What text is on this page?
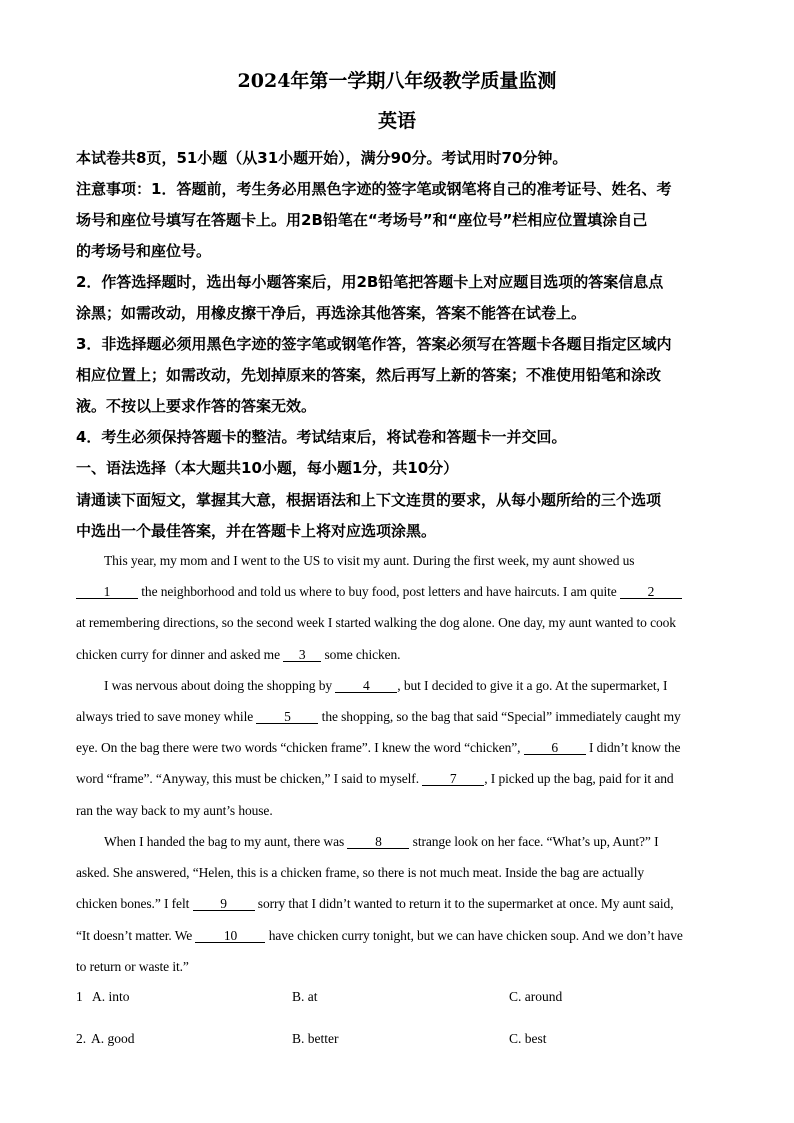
2024年第一学期八年级教学质量监测
英语
本试卷共8页，51小题（从31小题开始），满分90分。考试用时70分钟。
注意事项：1．答题前，考生务必用黑色字迹的签字笔或钢笔将自己的准考证号、姓名、考
场号和座位号填写在答题卡上。用2B铅笔在“考场号”和“座位号”栏相应位置填涂自己
的考场号和座位号。
2．作答选择题时，选出每小题答案后，用2B铅笔把答题卡上对应题目选项的答案信息点
涂黑；如需改动，用橡皮擦干净后，再选涂其他答案，答案不能答在试卷上。
3．非选择题必须用黑色字迹的签字笔或钢笔作答，答案必须写在答题卡各题目指定区域内
相应位置上；如需改动，先划掉原来的答案，然后再写上新的答案；不准使用铅笔和涂改
液。不按以上要求作答的答案无效。
4．考生必须保持答题卡的整洁。考试结束后，将试卷和答题卡一并交回。
一、语法选择（本大题共10小题，每小题1分，共10分）
请通读下面短文，掌握其大意，根据语法和上下文连贯的要求，从每小题所给的三个选项
中选出一个最佳答案，并在答题卡上将对应选项涂黑。
This year, my mom and I went to the US to visit my aunt. During the first week, my aunt showed us
1 the neighborhood and told us where to buy food, post letters and have haircuts. I am quite 2
at remembering directions, so the second week I started walking the dog alone. One day, my aunt wanted to cook
chicken curry for dinner and asked me 3 some chicken.
I was nervous about doing the shopping by 4 , but I decided to give it a go. At the supermarket, I
always tried to save money while 5 the shopping, so the bag that said “Special” immediately caught my
eye. On the bag there were two words “chicken frame”. I knew the word “chicken”, 6 I didn’t know the
word “frame”. “Anyway, this must be chicken,” I said to myself. 7 , I picked up the bag, paid for it and
ran the way back to my aunt’s house.
When I handed the bag to my aunt, there was 8 strange look on her face. “What’s up, Aunt?” I
asked. She answered, “Helen, this is a chicken frame, so there is not much meat. Inside the bag are actually
chicken bones.” I felt 9 sorry that I didn’t wanted to return it to the supermarket at once. My aunt said,
“It doesn’t matter. We 10 have chicken curry tonight, but we can have chicken soup. And we don’t have
to return or waste it.”
1 A. into	B. at	C. around
2. A. good	B. better	C. best
